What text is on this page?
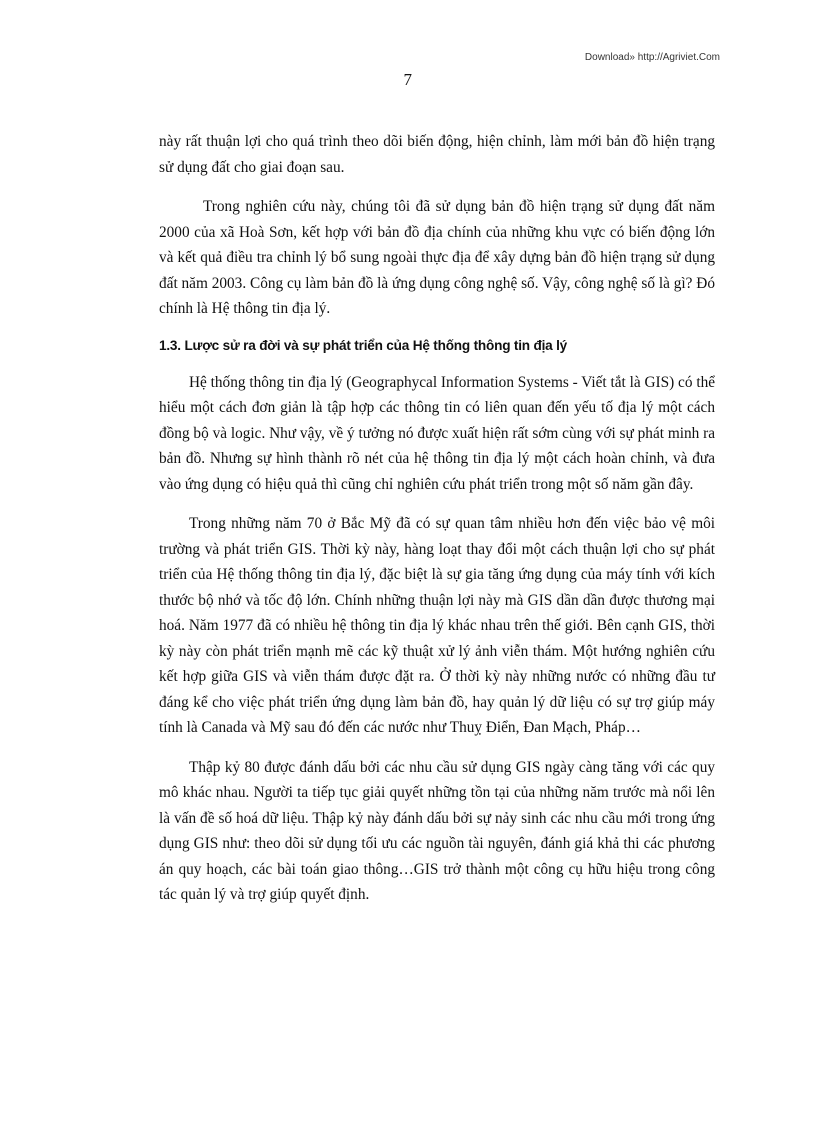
Download» http://Agriviet.Com
7

này rất thuận lợi cho quá trình theo dõi biến động, hiện chỉnh, làm mới bản đồ hiện trạng sử dụng đất cho giai đoạn sau.

Trong nghiên cứu này, chúng tôi đã sử dụng bản đồ hiện trạng sử dụng đất năm 2000 của xã Hoà Sơn, kết hợp với bản đồ địa chính của những khu vực có biến động lớn và kết quả điều tra chỉnh lý bổ sung ngoài thực địa để xây dựng bản đồ hiện trạng sử dụng đất năm 2003. Công cụ làm bản đồ là ứng dụng công nghệ số. Vậy, công nghệ số là gì? Đó chính là Hệ thông tin địa lý.

1.3. Lược sử ra đời và sự phát triển của Hệ thống thông tin địa lý

Hệ thống thông tin địa lý (Geographycal Information Systems - Viết tắt là GIS) có thể hiểu một cách đơn giản là tập hợp các thông tin có liên quan đến yếu tố địa lý một cách đồng bộ và logic. Như vậy, về ý tưởng nó được xuất hiện rất sớm cùng với sự phát minh ra bản đồ. Nhưng sự hình thành rõ nét của hệ thông tin địa lý một cách hoàn chỉnh, và đưa vào ứng dụng có hiệu quả thì cũng chỉ nghiên cứu phát triển trong một số năm gần đây.

Trong những năm 70 ở Bắc Mỹ đã có sự quan tâm nhiều hơn đến việc bảo vệ môi trường và phát triển GIS. Thời kỳ này, hàng loạt thay đổi một cách thuận lợi cho sự phát triển của Hệ thống thông tin địa lý, đặc biệt là sự gia tăng ứng dụng của máy tính với kích thước bộ nhớ và tốc độ lớn. Chính những thuận lợi này mà GIS dần dần được thương mại hoá. Năm 1977 đã có nhiều hệ thông tin địa lý khác nhau trên thế giới. Bên cạnh GIS, thời kỳ này còn phát triển mạnh mẽ các kỹ thuật xử lý ảnh viễn thám. Một hướng nghiên cứu kết hợp giữa GIS và viễn thám được đặt ra. Ở thời kỳ này những nước có những đầu tư đáng kể cho việc phát triển ứng dụng làm bản đồ, hay quản lý dữ liệu có sự trợ giúp máy tính là Canada và Mỹ sau đó đến các nước như Thuỵ Điển, Đan Mạch, Pháp…

Thập kỷ 80 được đánh dấu bởi các nhu cầu sử dụng GIS ngày càng tăng với các quy mô khác nhau. Người ta tiếp tục giải quyết những tồn tại của những năm trước mà nổi lên là vấn đề số hoá dữ liệu. Thập kỷ này đánh dấu bởi sự nảy sinh các nhu cầu mới trong ứng dụng GIS như: theo dõi sử dụng tối ưu các nguồn tài nguyên, đánh giá khả thi các phương án quy hoạch, các bài toán giao thông…GIS trở thành một công cụ hữu hiệu trong công tác quản lý và trợ giúp quyết định.
